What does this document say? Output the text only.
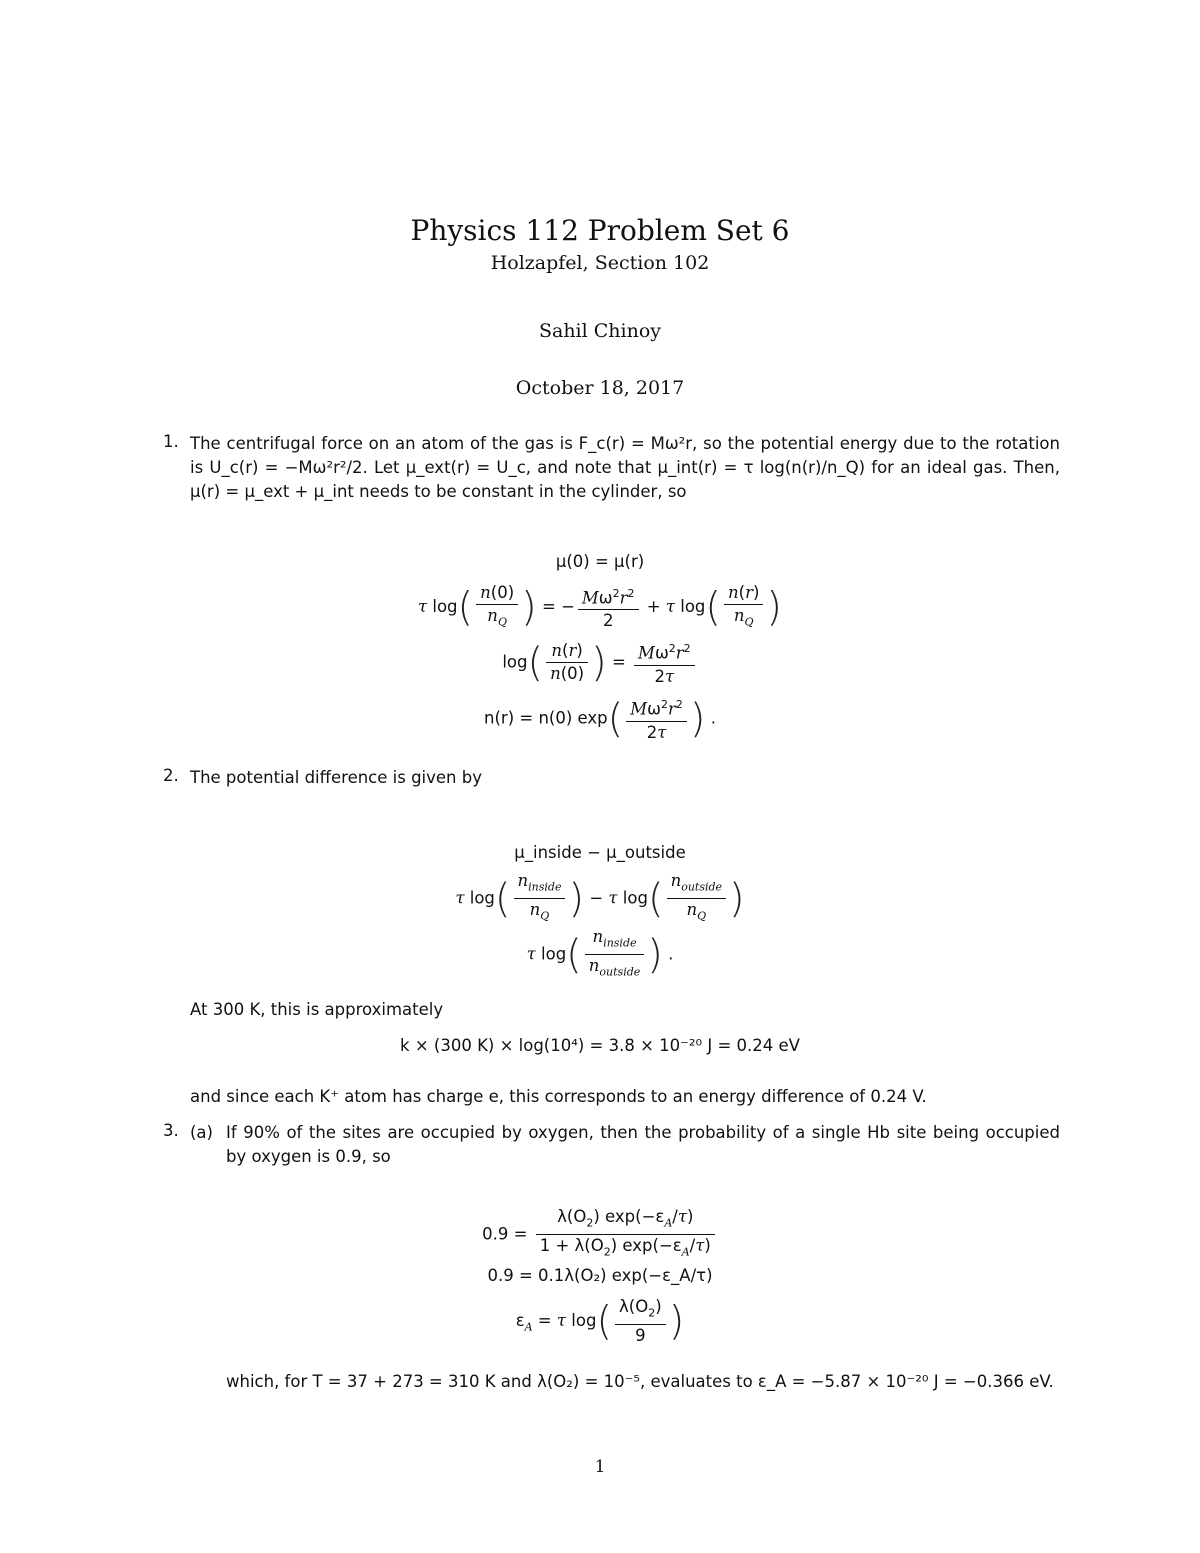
Physics 112 Problem Set 6
Holzapfel, Section 102
Sahil Chinoy
October 18, 2017
1. The centrifugal force on an atom of the gas is F_c(r) = Mω²r, so the potential energy due to the rotation is U_c(r) = −Mω²r²/2. Let μ_ext(r) = U_c, and note that μ_int(r) = τ log(n(r)/n_Q) for an ideal gas. Then, μ(r) = μ_ext + μ_int needs to be constant in the cylinder, so
μ(0) = μ(r)
τ $\log( \frac{n(0)}{n_Q}$ ) = − $\frac{M\omega^2r^2}{2} + \tau$ $\log( \frac{n(r)}{n_Q}$ )
$\log( \frac{n(r)}{n(0)}$ ) = $\frac{M\omega^2r^2}{2\tau}$
n(r) = n(0) $\exp( \frac{M\omega^2r^2}{2\tau}$ ) .
2. The potential difference is given by
μ_inside − μ_outside
τ $\log( \frac{n_{inside}}{n_Q}$ ) − τ $\log( \frac{n_{outside}}{n_Q}$ )
τ $\log( \frac{n_{inside}}{n_{outside}}$ ) .
At 300 K, this is approximately
k × (300 K) × log(10⁴) = 3.8 × 10⁻²⁰ J = 0.24 eV
and since each K⁺ atom has charge e, this corresponds to an energy difference of 0.24 V.
3. (a) If 90% of the sites are occupied by oxygen, then the probability of a single Hb site being occupied by oxygen is 0.9, so
$0.9 = \frac{\lambda(O_2) \exp(-\varepsilon_A/\tau)}{1 + \lambda(O_2) \exp(-\varepsilon_A/\tau)}$
0.9 = 0.1λ(O₂) exp(−ε_A/τ)
$\varepsilon_A = \tau$ $\log( \frac{\lambda(O_2)}{9}$ )
which, for T = 37 + 273 = 310 K and λ(O₂) = 10⁻⁵, evaluates to ε_A = −5.87 × 10⁻²⁰ J = −0.366 eV.
1
